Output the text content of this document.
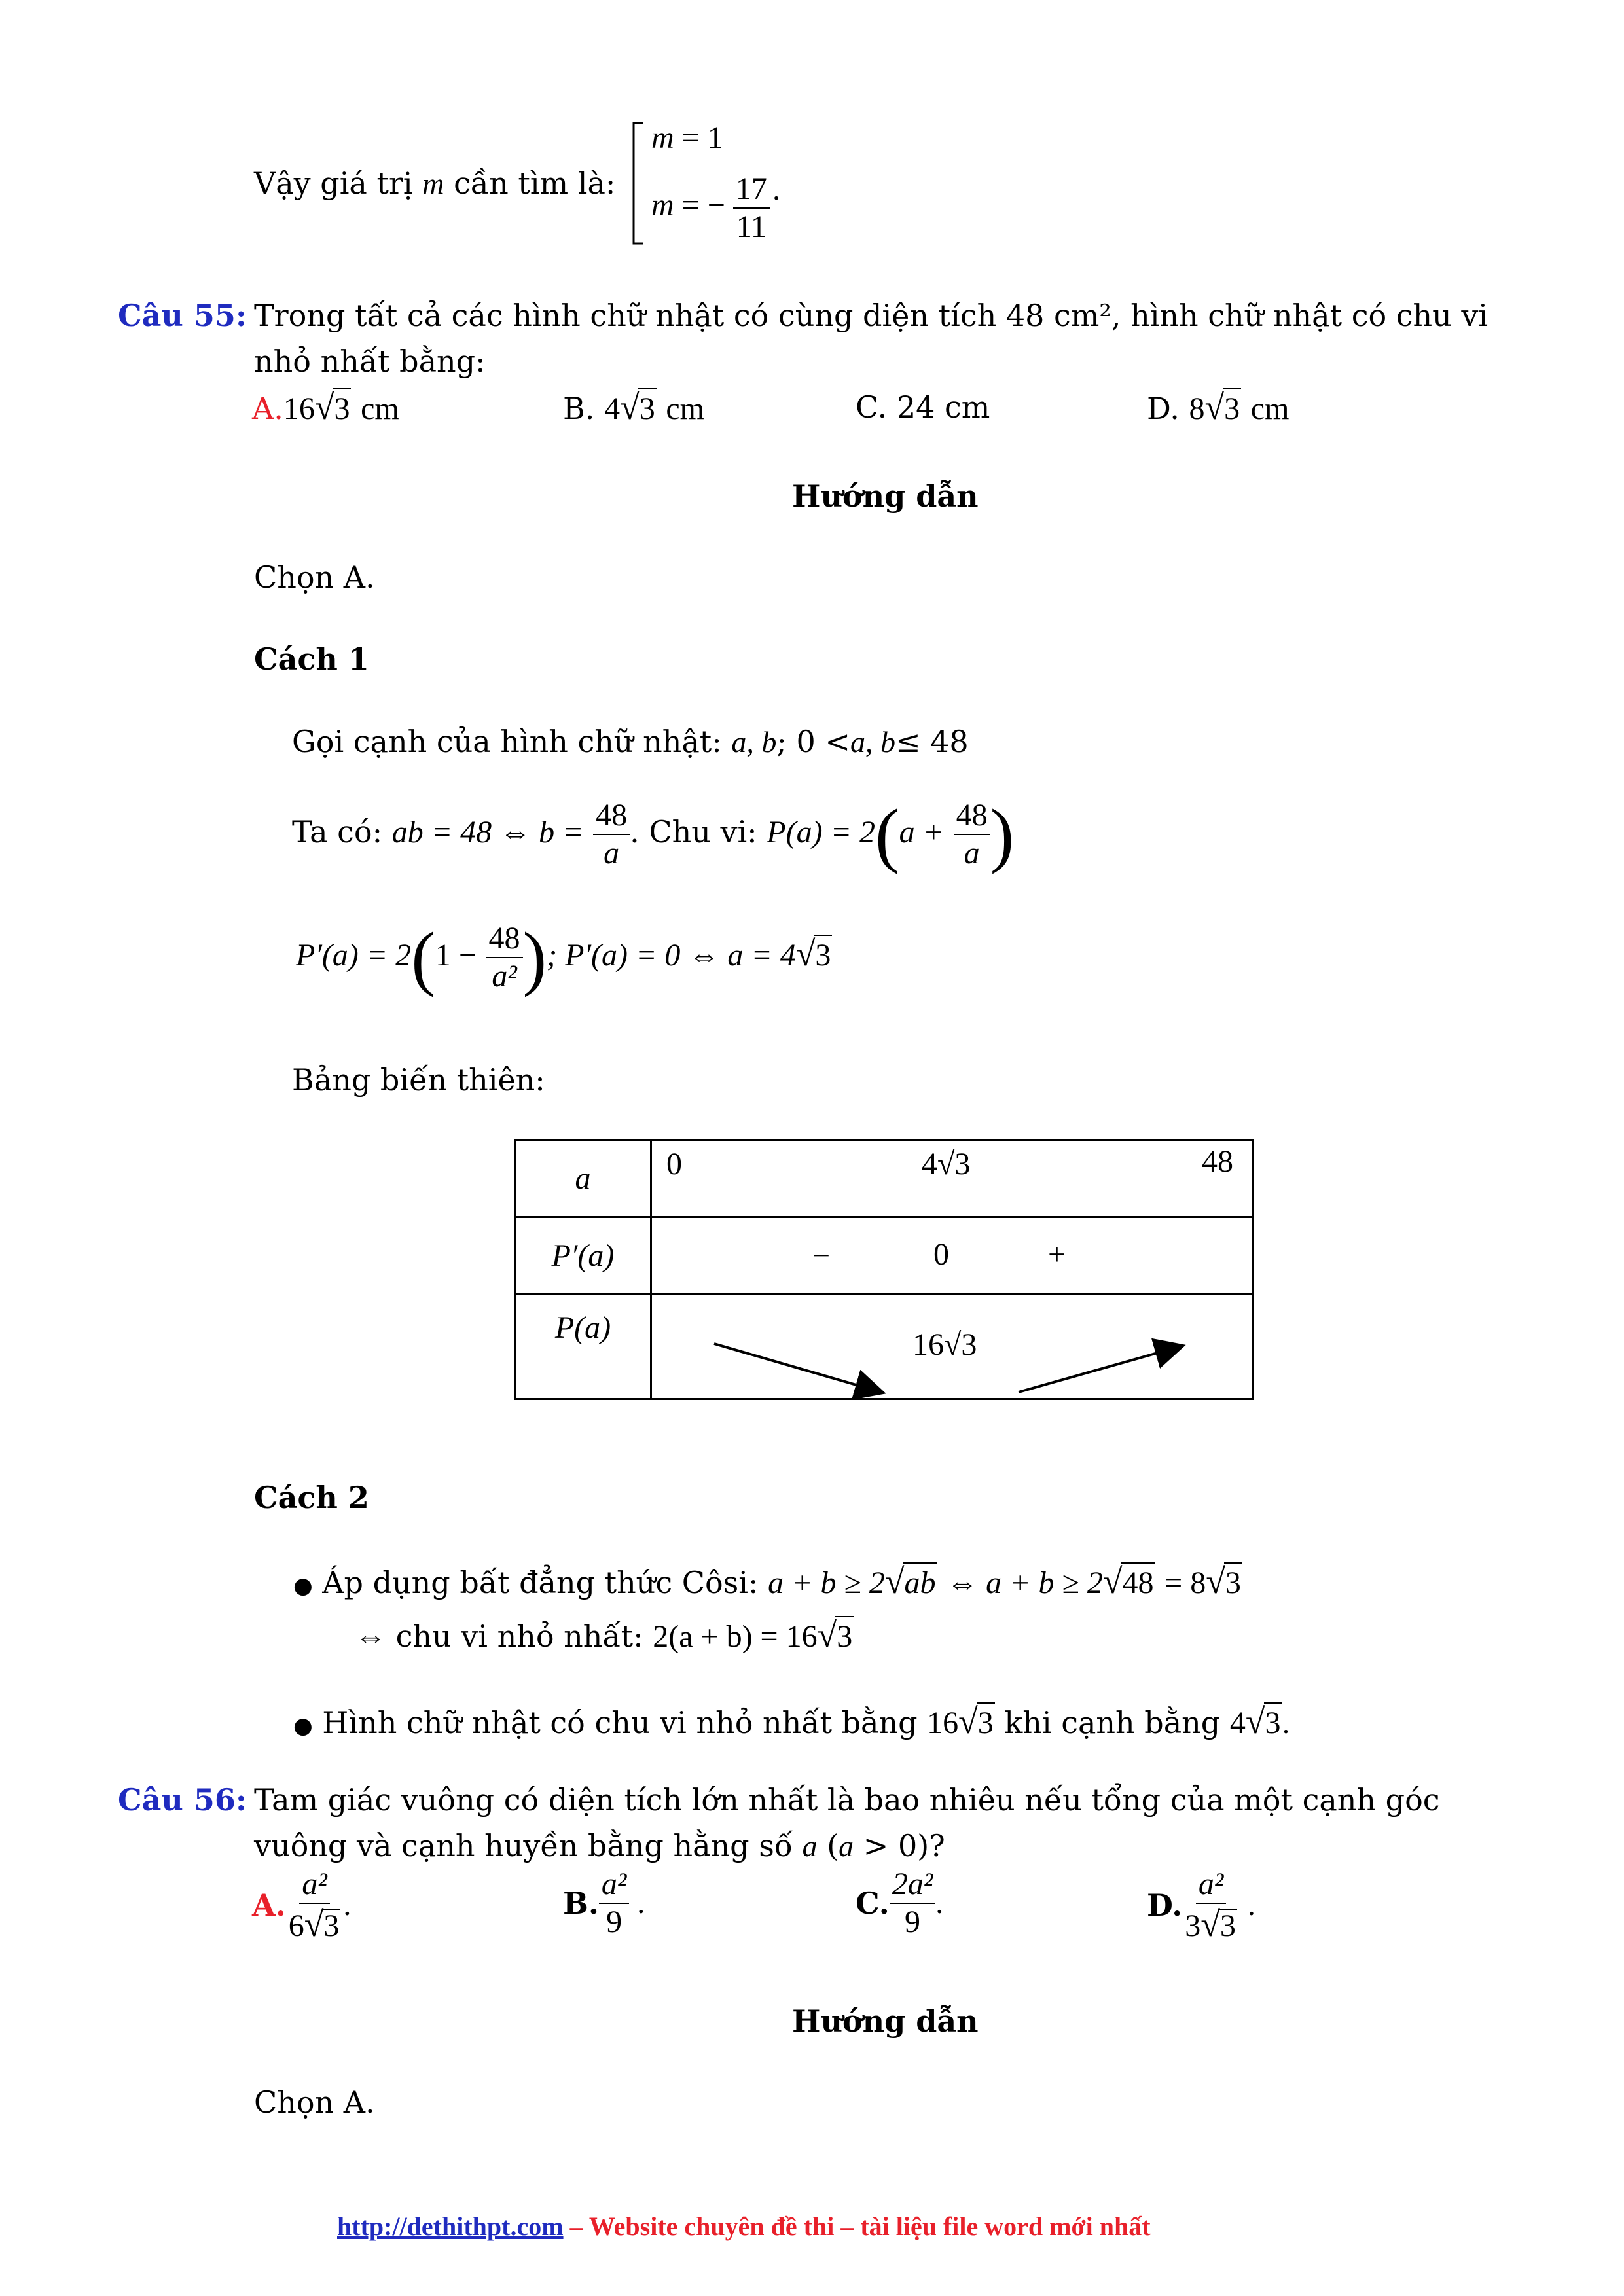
Vậy giá trị m cần tìm là:
m = 1
m = − $\frac{17}{11}$ .
Câu 55: Trong tất cả các hình chữ nhật có cùng diện tích 48 cm², hình chữ nhật có chu vi
nhỏ nhất bằng:
A.16√3 cm	B. 4√3 cm	C. 24 cm	D. 8√3 cm
Hướng dẫn
Chọn A.
Cách 1
Gọi cạnh của hình chữ nhật: a, b; 0 <a, b≤ 48
Ta có: ab = 48 ⇔ $b = \frac{48}{a}$ . Chu vi: $P(a) = 2(a + \frac{48}{a}$ )
$P'(a) = 2(1 - \frac{48}{\text{a²}}$ ); P′(a) = 0 ⇔ a = 4√3
Bảng biến thiên:
a	0 4√3 48

P′(a)	− 0 +

P(a)	16√3
Cách 2
● Áp dụng bất đẳng thức Côsi: a + b ≥ 2√ab ⇔ a + b ≥ 2√48 = 8√3
⇔ chu vi nhỏ nhất: 2(a + b) = 16√3
● Hình chữ nhật có chu vi nhỏ nhất bằng 16√3 khi cạnh bằng 4√3.
Câu 56: Tam giác vuông có diện tích lớn nhất là bao nhiêu nếu tổng của một cạnh góc
vuông và cạnh huyền bằng hằng số a (a > 0)?
A. $\frac{\text{a²}}{6√3}$ .	B. $\frac{\text{a²}}{9}$ .	C. $\frac{\text{2a²}}{9}$ .	D. $\frac{\text{a²}}{3√3}$ .
Hướng dẫn
Chọn A.
http://dethithpt.com – Website chuyên đề thi – tài liệu file word mới nhất
